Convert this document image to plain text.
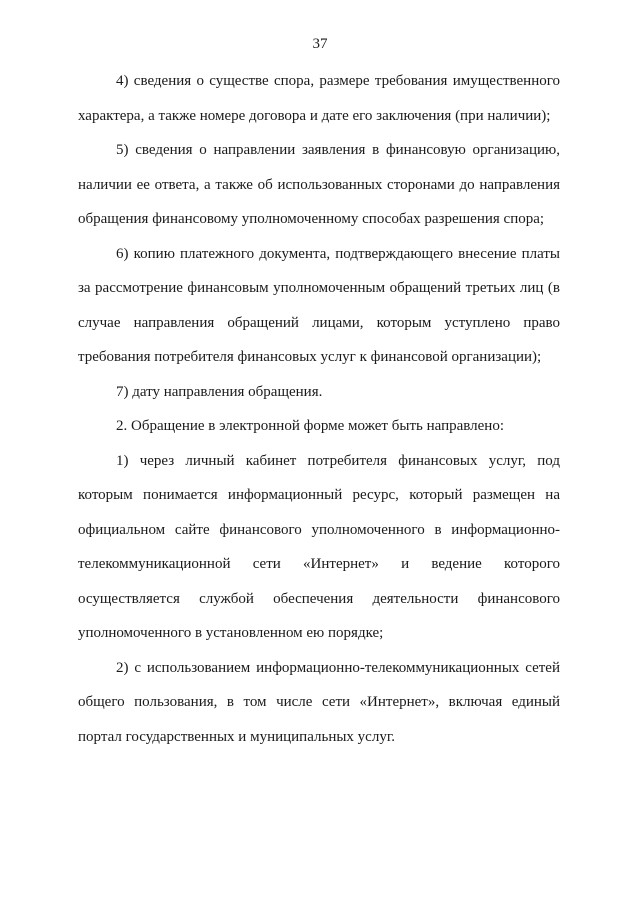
37

4) сведения о существе спора, размере требования имущественного характера, а также номере договора и дате его заключения (при наличии);

5) сведения о направлении заявления в финансовую организацию, наличии ее ответа, а также об использованных сторонами до направления обращения финансовому уполномоченному способах разрешения спора;

6) копию платежного документа, подтверждающего внесение платы за рассмотрение финансовым уполномоченным обращений третьих лиц (в случае направления обращений лицами, которым уступлено право требования потребителя финансовых услуг к финансовой организации);

7) дату направления обращения.

2. Обращение в электронной форме может быть направлено:

1) через личный кабинет потребителя финансовых услуг, под которым понимается информационный ресурс, который размещен на официальном сайте финансового уполномоченного в информационно-телекоммуникационной сети «Интернет» и ведение которого осуществляется службой обеспечения деятельности финансового уполномоченного в установленном ею порядке;

2) с использованием информационно-телекоммуникационных сетей общего пользования, в том числе сети «Интернет», включая единый портал государственных и муниципальных услуг.
